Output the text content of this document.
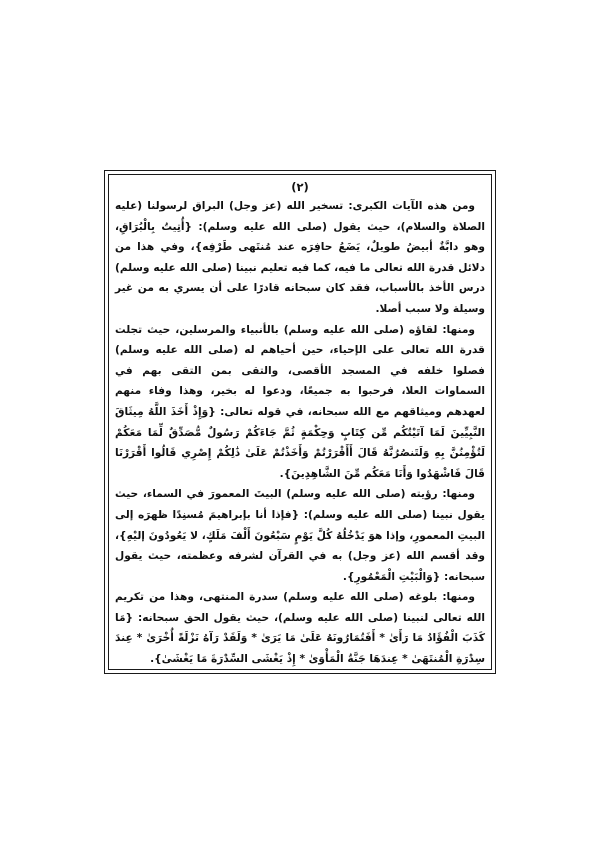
(٢)

ومن هذه الآيات الكبرى: تسخير الله (عز وجل) البراق لرسولنا (عليه الصلاة والسلام)، حيث يقول (صلى الله عليه وسلم): {أُتِيتُ بِالْبُرَاقِ، وهو دابَّةٌ أبيضُ طويلٌ، يَضَعُ حافِرَه عند مُنتَهى طَرْفِه}، وفي هذا من دلائل قدرة الله تعالى ما فيه، كما فيه تعليم نبينا (صلى الله عليه وسلم) درس الأخذ بالأسباب، فقد كان سبحانه قادرًا على أن يسري به من غير وسيلة ولا سبب أصلا.

ومنها: لقاؤه (صلى الله عليه وسلم) بالأنبياء والمرسلين، حيث تجلت قدرة الله تعالى على الإحياء، حين أحياهم له (صلى الله عليه وسلم) فصلوا خلفه في المسجد الأقصى، والتقى بمن التقى بهم في السماوات العلا، فرحبوا به جميعًا، ودعوا له بخير، وهذا وفاء منهم لعهدهم وميثاقهم مع الله سبحانه، في قوله تعالى: {وَإِذْ أَخَذَ اللَّهُ مِيثَاقَ النَّبِيِّينَ لَمَا آتَيْتُكُم مِّن كِتَابٍ وَحِكْمَةٍ ثُمَّ جَاءَكُمْ رَسُولٌ مُّصَدِّقٌ لِّمَا مَعَكُمْ لَتُؤْمِنُنَّ بِهِ وَلَتَنصُرُنَّهُ قَالَ أَأَقْرَرْتُمْ وَأَخَذْتُمْ عَلَىٰ ذَٰلِكُمْ إِصْرِي قَالُوا أَقْرَرْنَا قَالَ فَاشْهَدُوا وَأَنَا مَعَكُم مِّنَ الشَّاهِدِينَ}.

ومنها: رؤيته (صلى الله عليه وسلم) البيتَ المعمورَ في السماء، حيث يقول نبينا (صلى الله عليه وسلم): {فإذا أنا بإبراهيمَ مُسنِدًا ظهرَه إلى البيتِ المعمورِ، وإذا هوَ يَدْخُلُهُ كُلَّ يَوْمٍ سَبْعُونَ أَلْفَ مَلَكٍ، لا يَعُودُونَ إليْهِ}، وقد أقسم الله (عز وجل) به في القرآن لشرفه وعظمته، حيث يقول سبحانه: {وَالْبَيْتِ الْمَعْمُورِ}.

ومنها: بلوغه (صلى الله عليه وسلم) سدرة المنتهى، وهذا من تكريم الله تعالى لنبينا (صلى الله عليه وسلم)، حيث يقول الحق سبحانه: {مَا كَذَبَ الْفُؤَادُ مَا رَأَىٰ * أَفَتُمَارُونَهُ عَلَىٰ مَا يَرَىٰ * وَلَقَدْ رَآهُ نَزْلَةً أُخْرَىٰ * عِندَ سِدْرَةِ الْمُنتَهَىٰ * عِندَهَا جَنَّةُ الْمَأْوَىٰ * إِذْ يَغْشَى السِّدْرَةَ مَا يَغْشَىٰ}.
